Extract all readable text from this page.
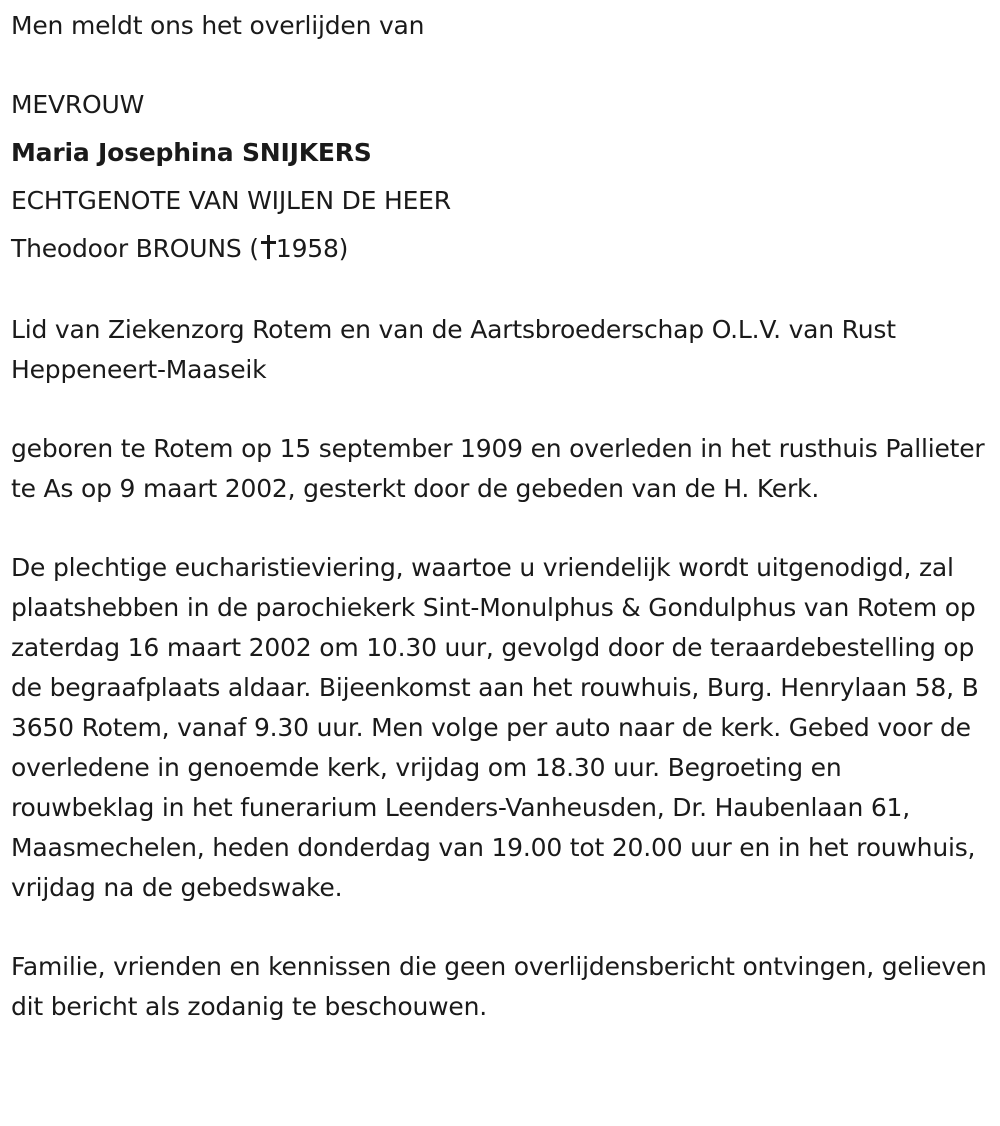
Men meldt ons het overlijden van
MEVROUW
Maria Josephina SNIJKERS
ECHTGENOTE VAN WIJLEN DE HEER
Theodoor BROUNS ( 1958)
Lid van Ziekenzorg Rotem en van de Aartsbroederschap O.L.V. van Rust Heppeneert-Maaseik
geboren te Rotem op 15 september 1909 en overleden in het rusthuis Pallieter te As op 9 maart 2002, gesterkt door de gebeden van de H. Kerk.
De plechtige eucharistieviering, waartoe u vriendelijk wordt uitgenodigd, zal plaatshebben in de parochiekerk Sint-Monulphus & Gondulphus van Rotem op zaterdag 16 maart 2002 om 10.30 uur, gevolgd door de teraardebestelling op de begraafplaats aldaar. Bijeenkomst aan het rouwhuis, Burg. Henrylaan 58, B 3650 Rotem, vanaf 9.30 uur. Men volge per auto naar de kerk. Gebed voor de overledene in genoemde kerk, vrijdag om 18.30 uur. Begroeting en rouwbeklag in het funerarium Leenders-Vanheusden, Dr. Haubenlaan 61, Maasmechelen, heden donderdag van 19.00 tot 20.00 uur en in het rouwhuis, vrijdag na de gebedswake.
Familie, vrienden en kennissen die geen overlijdensbericht ontvingen, gelieven dit bericht als zodanig te beschouwen.
